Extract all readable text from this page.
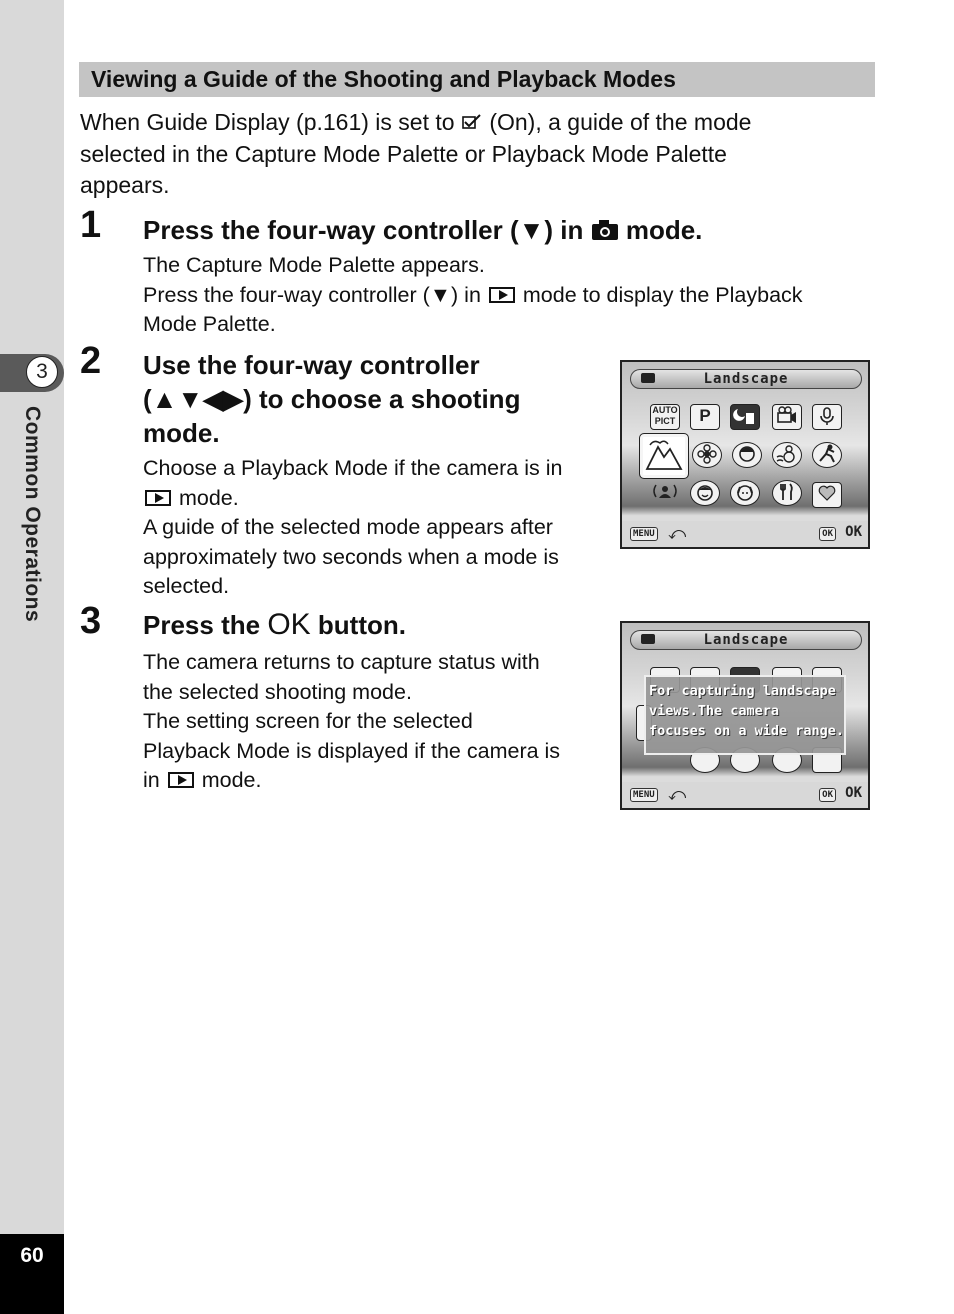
3
Common Operations
60
Viewing a Guide of the Shooting and Playback Modes
When Guide Display (p.161) is set to (On), a guide of the mode
selected in the Capture Mode Palette or Playback Mode Palette
appears.
1 Press the four-way controller (▼) in mode.
The Capture Mode Palette appears.
Press the four-way controller (▼) in mode to display the Playback
Mode Palette.
2 Use the four-way controller
(▲▼◀▶) to choose a shooting
mode.
Choose a Playback Mode if the camera is in
mode.
A guide of the selected mode appears after
approximately two seconds when a mode is
selected.
3 Press the OK button.
The camera returns to capture status with
the selected shooting mode.
The setting screen for the selected
Playback Mode is displayed if the camera is
in mode.
Landscape
AUTO
PICT	P
MENU ⤺	OK OK
Landscape
For capturing landscape
views.The camera
focuses on a wide range.
MENU ⤺	OK OK
